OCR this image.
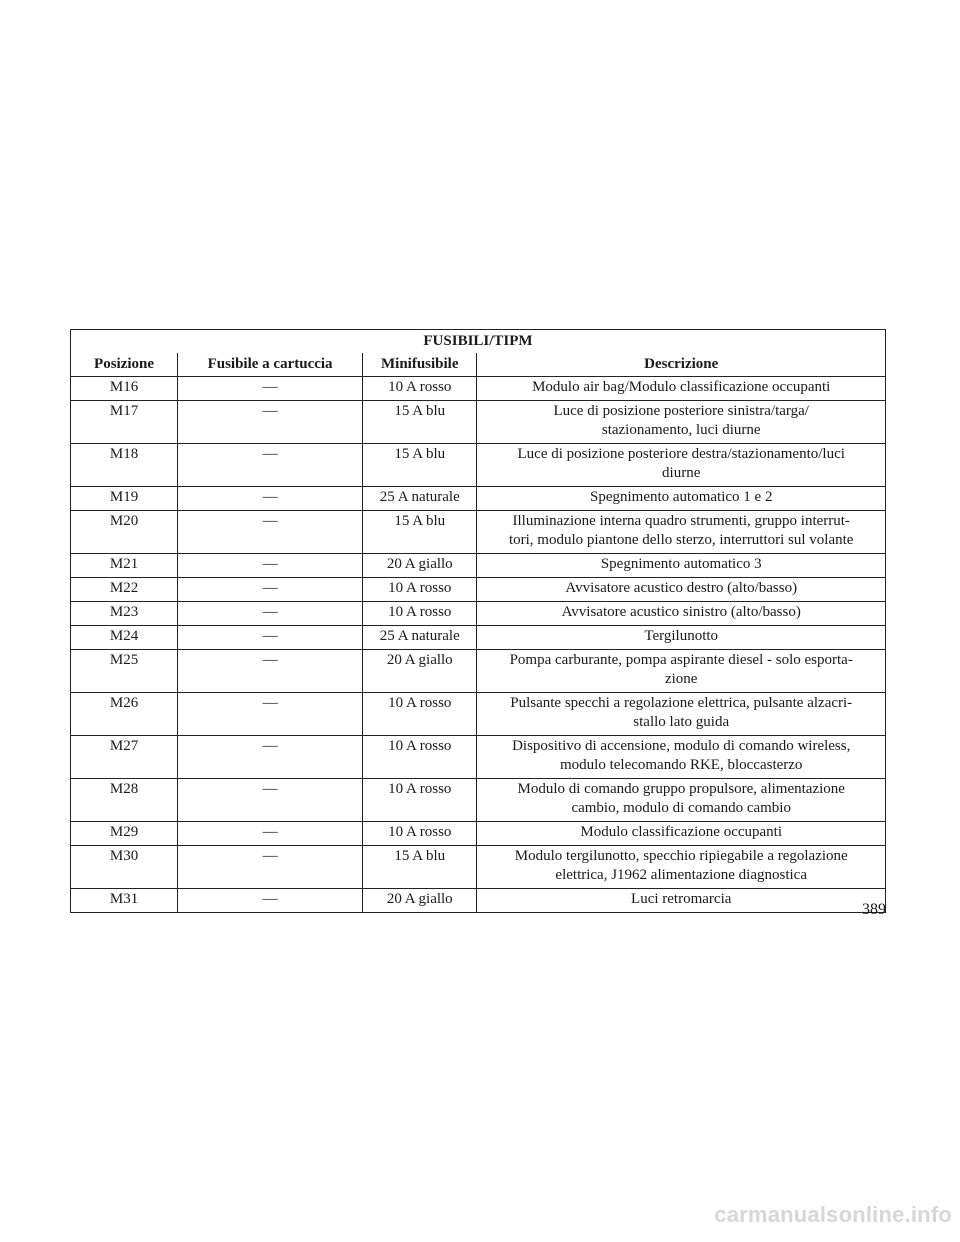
FUSIBILI/TIPM			
Posizione	Fusibile a cartuccia	Minifusibile	Descrizione
M16	—	10 A rosso	Modulo air bag/Modulo classificazione occupanti

M17	—	15 A blu	Luce di posizione posteriore sinistra/targa/
stazionamento, luci diurne

M18	—	15 A blu	Luce di posizione posteriore destra/stazionamento/luci
diurne

M19	—	25 A naturale	Spegnimento automatico 1 e 2

M20	—	15 A blu	Illuminazione interna quadro strumenti, gruppo interrut-
tori, modulo piantone dello sterzo, interruttori sul volante

M21	—	20 A giallo	Spegnimento automatico 3

M22	—	10 A rosso	Avvisatore acustico destro (alto/basso)

M23	—	10 A rosso	Avvisatore acustico sinistro (alto/basso)

M24	—	25 A naturale	Tergilunotto

M25	—	20 A giallo	Pompa carburante, pompa aspirante diesel - solo esporta-
zione

M26	—	10 A rosso	Pulsante specchi a regolazione elettrica, pulsante alzacri-
stallo lato guida

M27	—	10 A rosso	Dispositivo di accensione, modulo di comando wireless,
modulo telecomando RKE, bloccasterzo

M28	—	10 A rosso	Modulo di comando gruppo propulsore, alimentazione
cambio, modulo di comando cambio

M29	—	10 A rosso	Modulo classificazione occupanti

M30	—	15 A blu	Modulo tergilunotto, specchio ripiegabile a regolazione
elettrica, J1962 alimentazione diagnostica

M31	—	20 A giallo	Luci retromarcia
389
carmanualsonline.info
